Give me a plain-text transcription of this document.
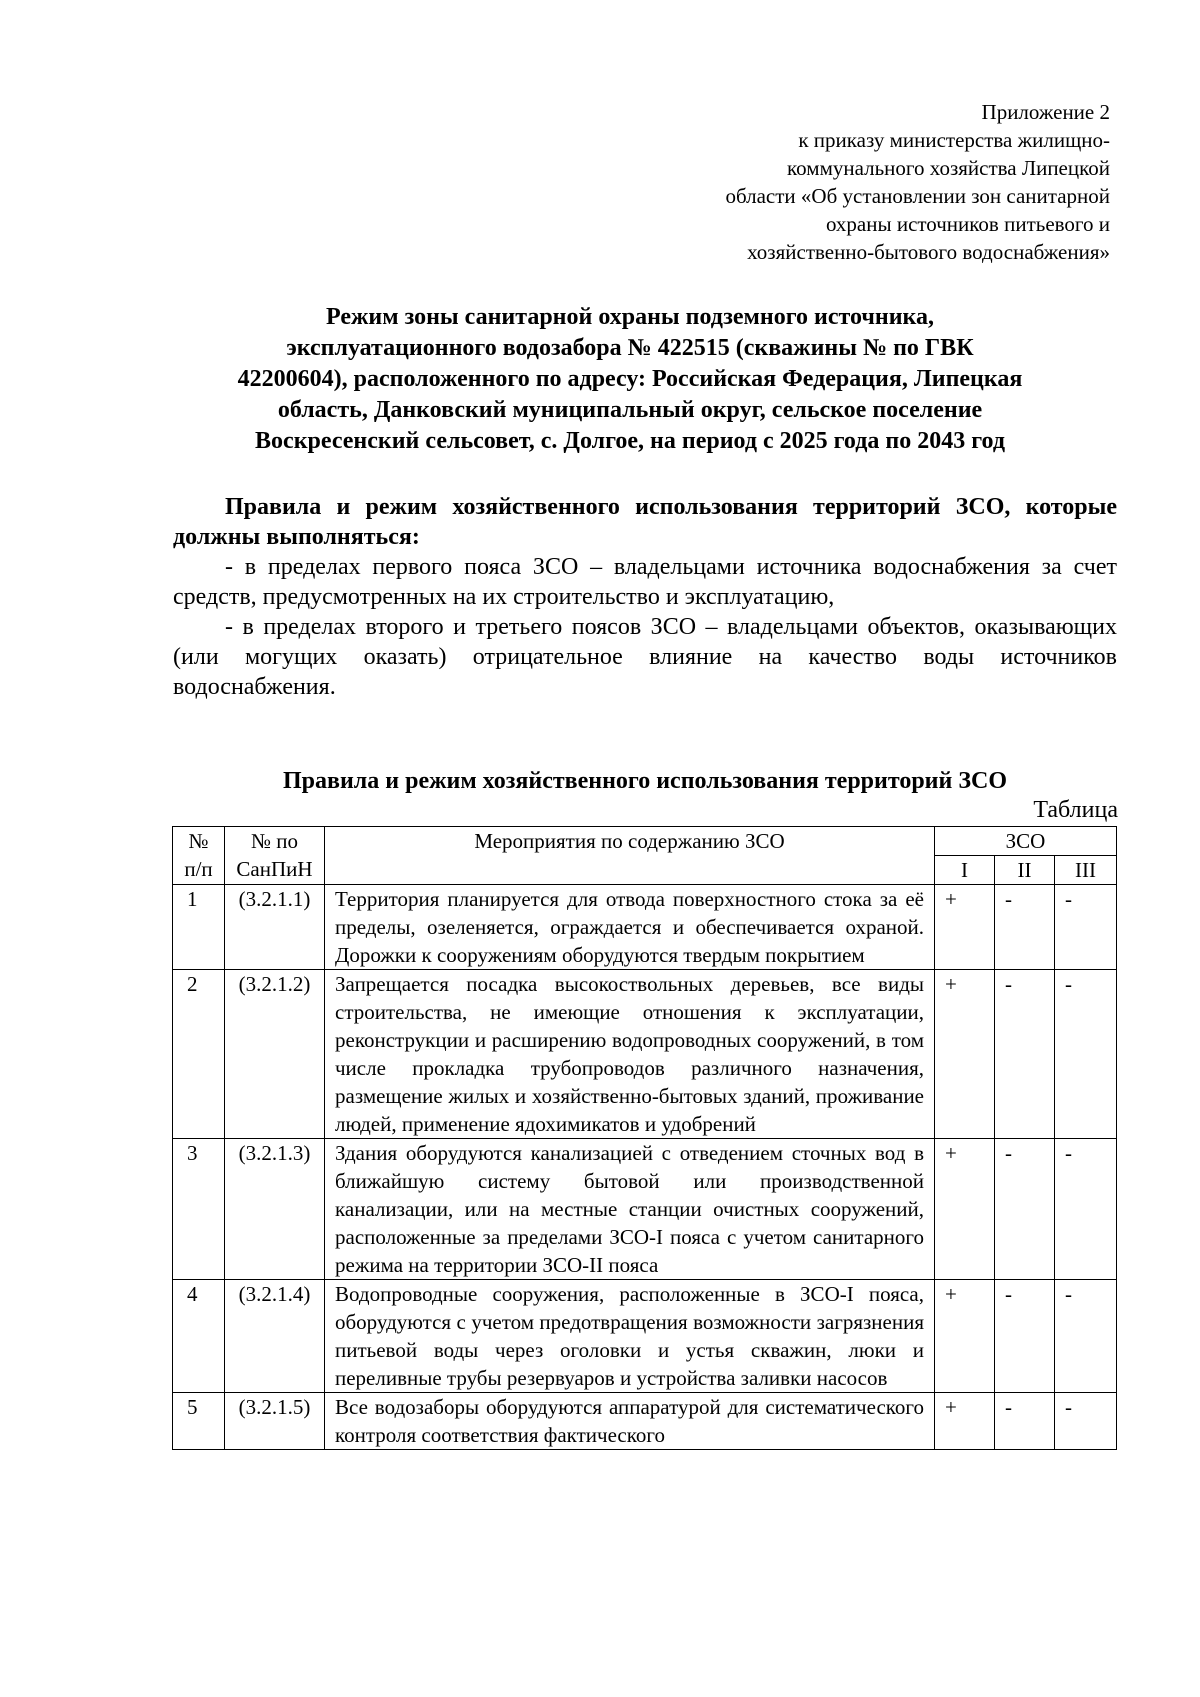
Приложение 2
к приказу министерства жилищно-
коммунального хозяйства Липецкой
области «Об установлении зон санитарной
охраны источников питьевого и
хозяйственно-бытового водоснабжения»
Режим зоны санитарной охраны подземного источника,
эксплуатационного водозабора № 422515 (скважины № по ГВК
42200604), расположенного по адресу: Российская Федерация, Липецкая
область, Данковский муниципальный округ, сельское поселение
Воскресенский сельсовет, с. Долгое, на период с 2025 года по 2043 год

Правила и режим хозяйственного использования территорий ЗСО, которые должны выполняться:

- в пределах первого пояса ЗСО – владельцами источника водоснабжения за счет средств, предусмотренных на их строительство и эксплуатацию,

- в пределах второго и третьего поясов ЗСО – владельцами объектов, оказывающих (или могущих оказать) отрицательное влияние на качество воды источников водоснабжения.

Правила и режим хозяйственного использования территорий ЗСО
Таблица
№ п/п	№ по СанПиН	Мероприятия по содержанию ЗСО	ЗСО		
			I	II	III
1	(3.2.1.1)	Территория планируется для отвода поверхностного стока за её пределы, озеленяется, ограждается и обеспечивается охраной. Дорожки к сооружениям оборудуются твердым покрытием	+	-	-
2	(3.2.1.2)	Запрещается посадка высокоствольных деревьев, все виды строительства, не имеющие отношения к эксплуатации, реконструкции и расширению водопроводных сооружений, в том числе прокладка трубопроводов различного назначения, размещение жилых и хозяйственно-бытовых зданий, проживание людей, применение ядохимикатов и удобрений	+	-	-
3	(3.2.1.3)	Здания оборудуются канализацией с отведением сточных вод в ближайшую систему бытовой или производственной канализации, или на местные станции очистных сооружений, расположенные за пределами ЗСО-I пояса с учетом санитарного режима на территории ЗСО-II пояса	+	-	-
4	(3.2.1.4)	Водопроводные сооружения, расположенные в ЗСО-I пояса, оборудуются с учетом предотвращения возможности загрязнения питьевой воды через оголовки и устья скважин, люки и переливные трубы резервуаров и устройства заливки насосов	+	-	-
5	(3.2.1.5)	Все водозаборы оборудуются аппаратурой для систематического контроля соответствия фактического	+	-	-
